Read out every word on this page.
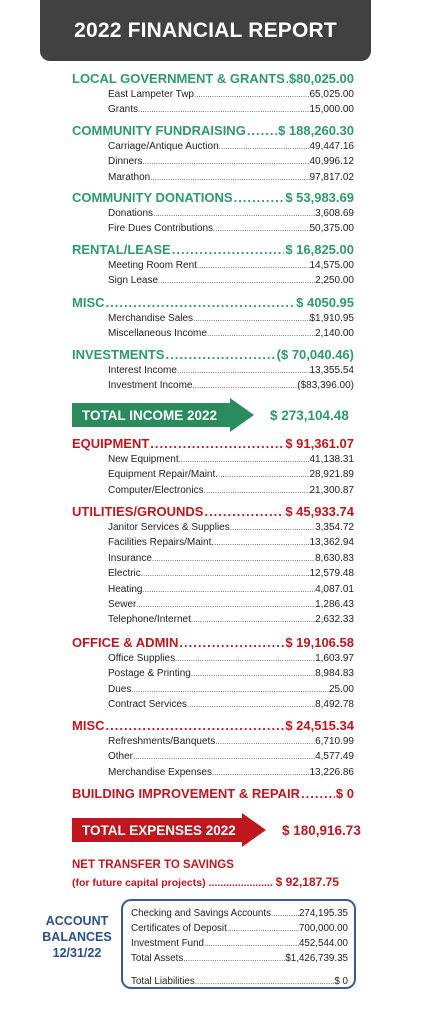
2022 FINANCIAL REPORT
LOCAL GOVERNMENT & GRANTS ..... $80,025.00
East Lampeter Twp .....	65,025.00
Grants .....	15,000.00
COMMUNITY FUNDRAISING ..... $ 188,260.30
Carriage/Antique Auction .....	49,447.16
Dinners .....	40,996.12
Marathon .....	97,817.02
COMMUNITY DONATIONS .....	$ 53,983.69
Donations .....	3,608.69
Fire Dues Contributions .....	50,375.00
RENTAL/LEASE .....	$ 16,825.00
Meeting Room Rent .....	14,575.00
Sign Lease .....	2,250.00
MISC .....	$ 4050.95
Merchandise Sales .....	$1,910.95
Miscellaneous Income .....	2,140.00
INVESTMENTS .....	($ 70,040.46)
Interest Income .....	13,355.54
Investment Income .....	($83,396.00)
TOTAL INCOME 2022	$ 273,104.48
EQUIPMENT .....	$ 91,361.07
New Equipment .....	41,138.31
Equipment Repair/Maint. .....	28,921.89
Computer/Electronics .....	21,300.87
UTILITIES/GROUNDS .....	$ 45,933.74
Janitor Services & Supplies .....	3,354.72
Facilities Repairs/Maint. .....	13,362.94
Insurance .....	8,630.83
Electric .....	12,579.48
Heating .....	4,087.01
Sewer .....	1,286.43
Telephone/Internet .....	2,632.33
OFFICE & ADMIN .....	$ 19,106.58
Office Supplies .....	1,603.97
Postage & Printing .....	8,984.83
Dues .....	25.00
Contract Services .....	8,492.78
MISC .....	$ 24,515.34
Refreshments/Banquets .....	6,710.99
Other .....	4,577.49
Merchandise Expenses .....	13,226.86
BUILDING IMPROVEMENT & REPAIR .....	$ 0
TOTAL EXPENSES 2022	$ 180,916.73
NET TRANSFER TO SAVINGS
(for future capital projects) .....	$ 92,187.75
ACCOUNT
BALANCES
12/31/22
Checking and Savings Accounts .....	274,195.35
Certificates of Deposit .....	700,000.00
Investment Fund .....	452,544.00
Total Assets .....	$1,426,739.35
Total Liabilities .....	$ 0
